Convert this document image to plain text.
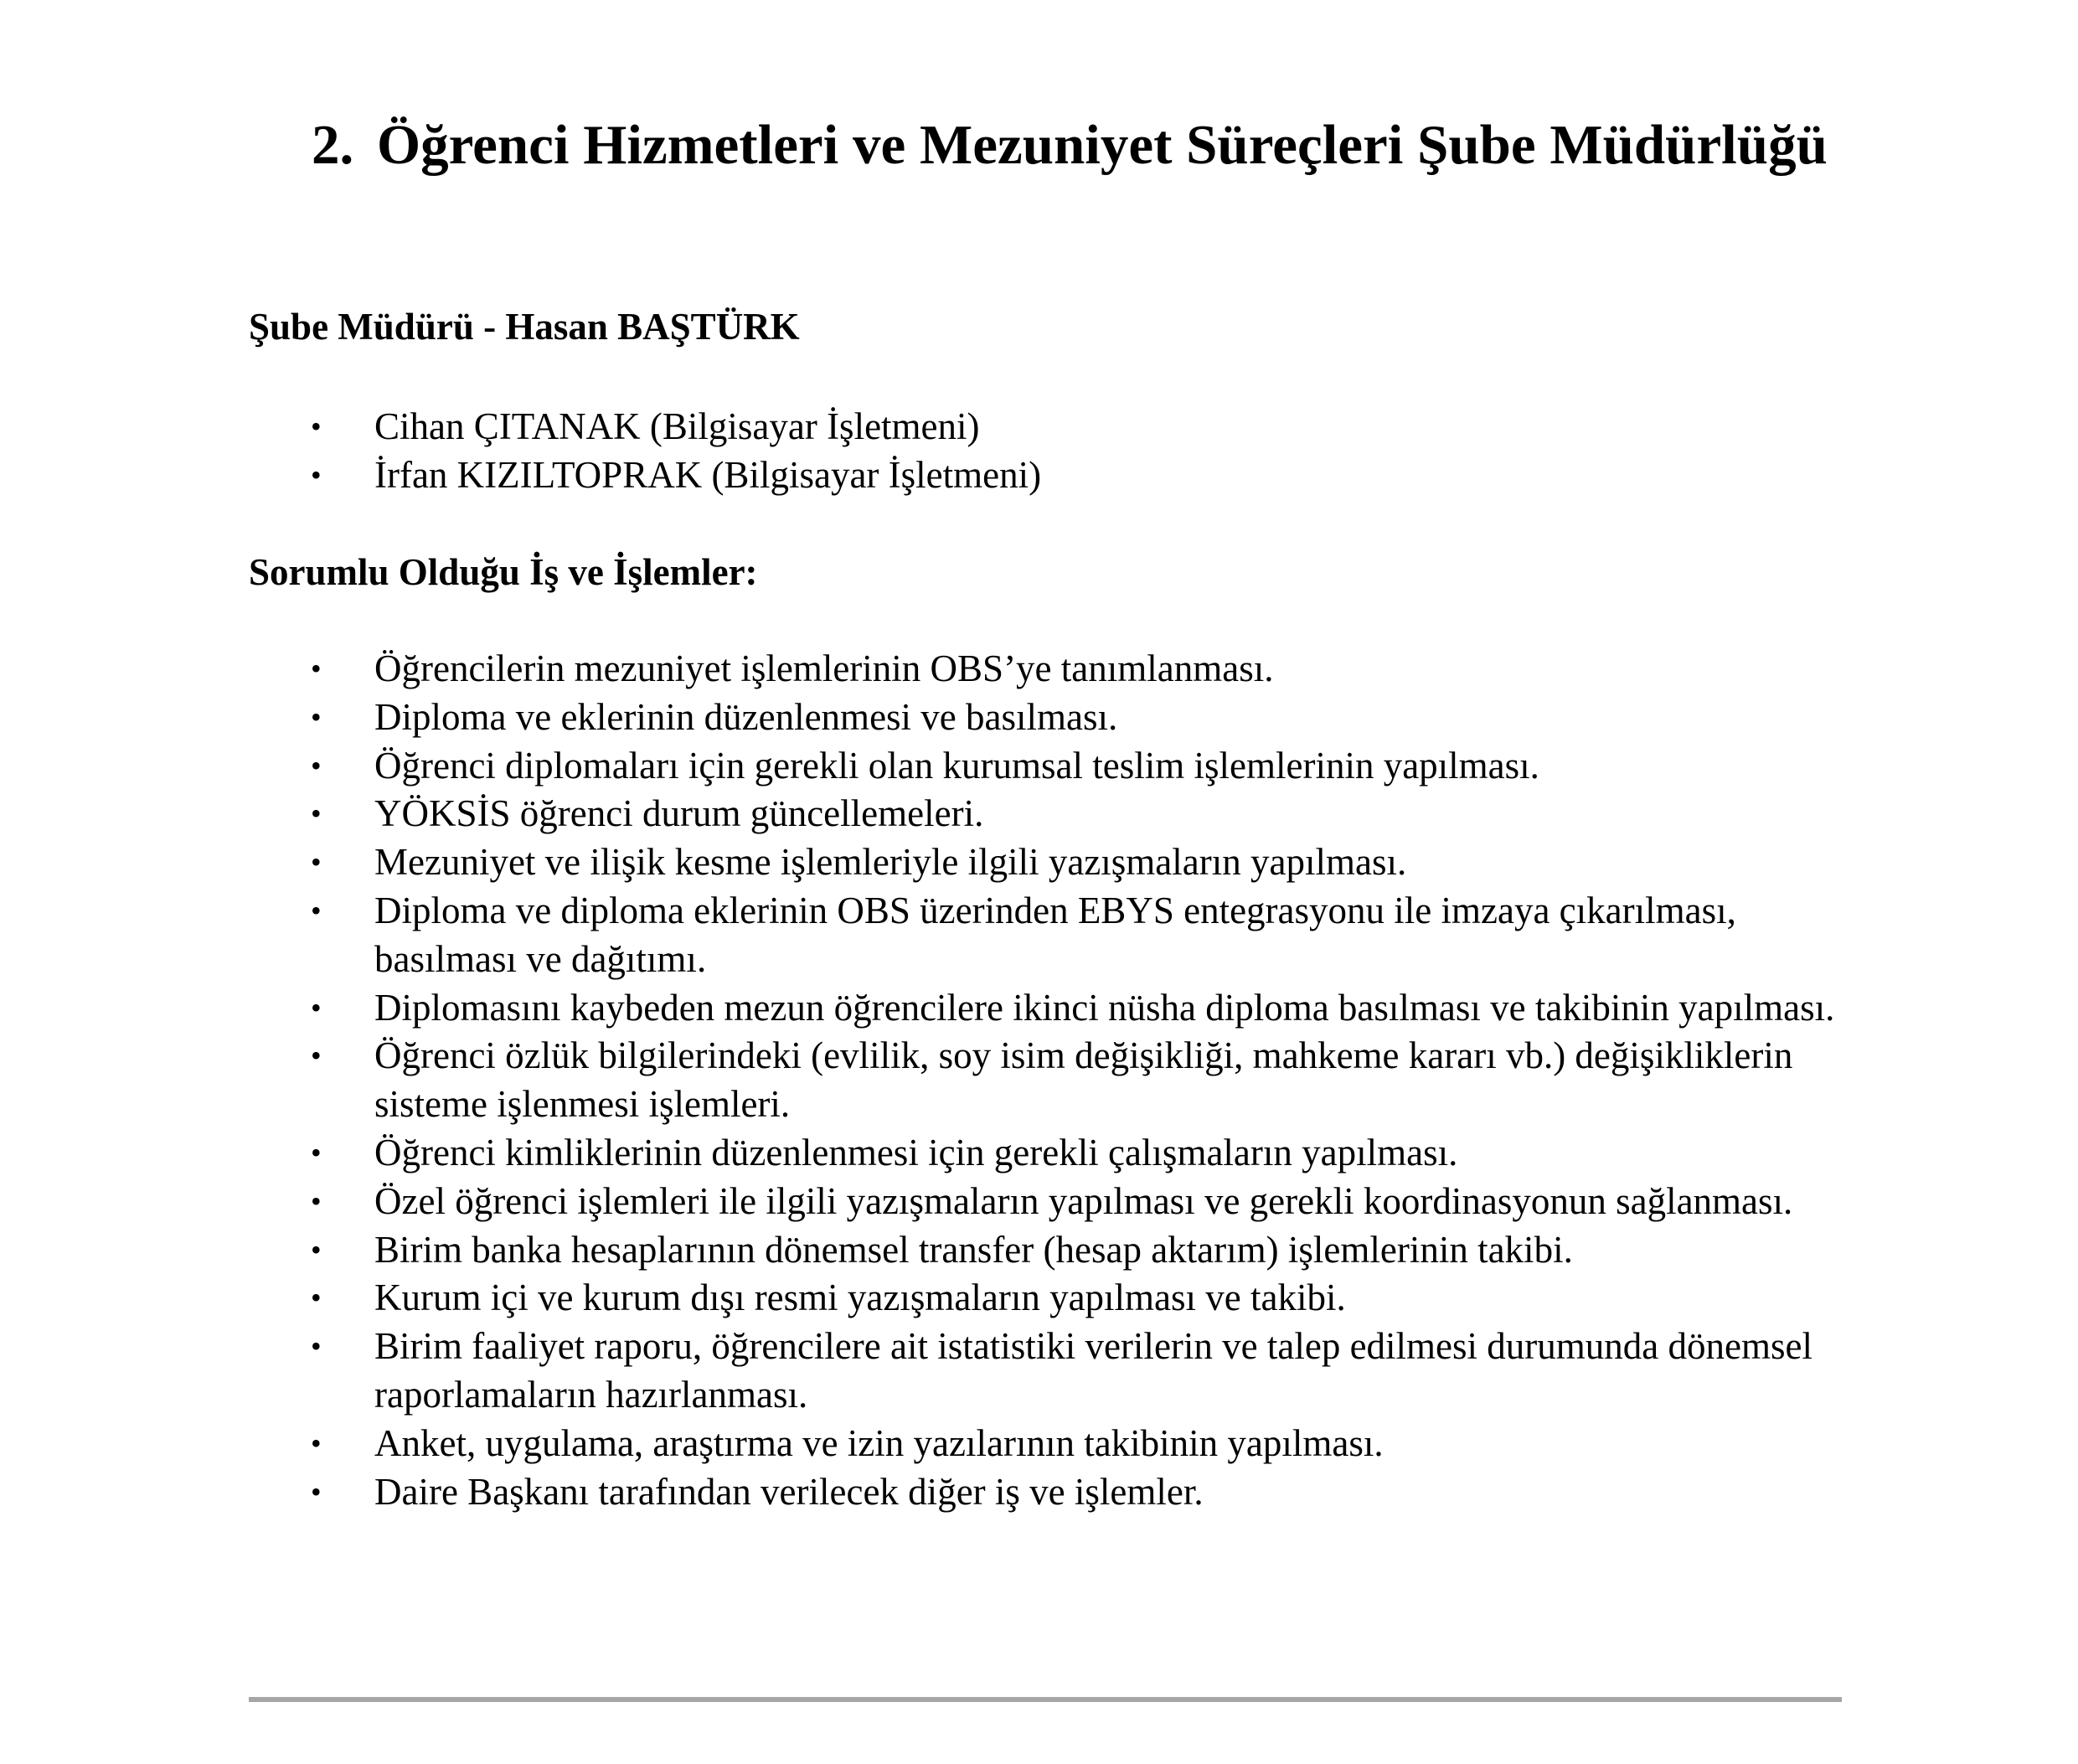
2. Öğrenci Hizmetleri ve Mezuniyet Süreçleri Şube Müdürlüğü
Şube Müdürü - Hasan BAŞTÜRK
• Cihan ÇITANAK (Bilgisayar İşletmeni)
• İrfan KIZILTOPRAK (Bilgisayar İşletmeni)
Sorumlu Olduğu İş ve İşlemler:
• Öğrencilerin mezuniyet işlemlerinin OBS’ye tanımlanması.
• Diploma ve eklerinin düzenlenmesi ve basılması.
• Öğrenci diplomaları için gerekli olan kurumsal teslim işlemlerinin yapılması.
• YÖKSİS öğrenci durum güncellemeleri.
• Mezuniyet ve ilişik kesme işlemleriyle ilgili yazışmaların yapılması.
• Diploma ve diploma eklerinin OBS üzerinden EBYS entegrasyonu ile imzaya çıkarılması, basılması ve dağıtımı.
• Diplomasını kaybeden mezun öğrencilere ikinci nüsha diploma basılması ve takibinin yapılması.
• Öğrenci özlük bilgilerindeki (evlilik, soy isim değişikliği, mahkeme kararı vb.) değişikliklerin sisteme işlenmesi işlemleri.
• Öğrenci kimliklerinin düzenlenmesi için gerekli çalışmaların yapılması.
• Özel öğrenci işlemleri ile ilgili yazışmaların yapılması ve gerekli koordinasyonun sağlanması.
• Birim banka hesaplarının dönemsel transfer (hesap aktarım) işlemlerinin takibi.
• Kurum içi ve kurum dışı resmi yazışmaların yapılması ve takibi.
• Birim faaliyet raporu, öğrencilere ait istatistiki verilerin ve talep edilmesi durumunda dönemsel raporlamaların hazırlanması.
• Anket, uygulama, araştırma ve izin yazılarının takibinin yapılması.
• Daire Başkanı tarafından verilecek diğer iş ve işlemler.
